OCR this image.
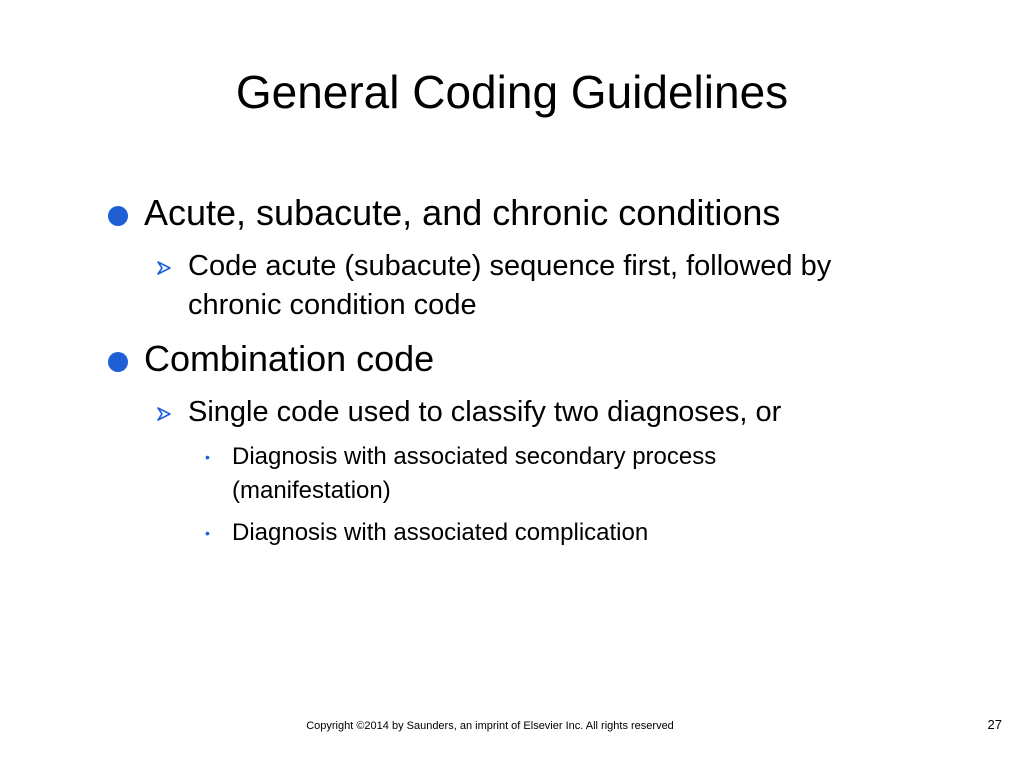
General Coding Guidelines
Acute, subacute, and chronic conditions
Code acute (subacute) sequence first, followed by chronic condition code
Combination code
Single code used to classify two diagnoses, or
• Diagnosis with associated secondary process (manifestation)
• Diagnosis with associated complication
Copyright ©2014 by Saunders, an imprint of Elsevier Inc. All rights reserved	27
